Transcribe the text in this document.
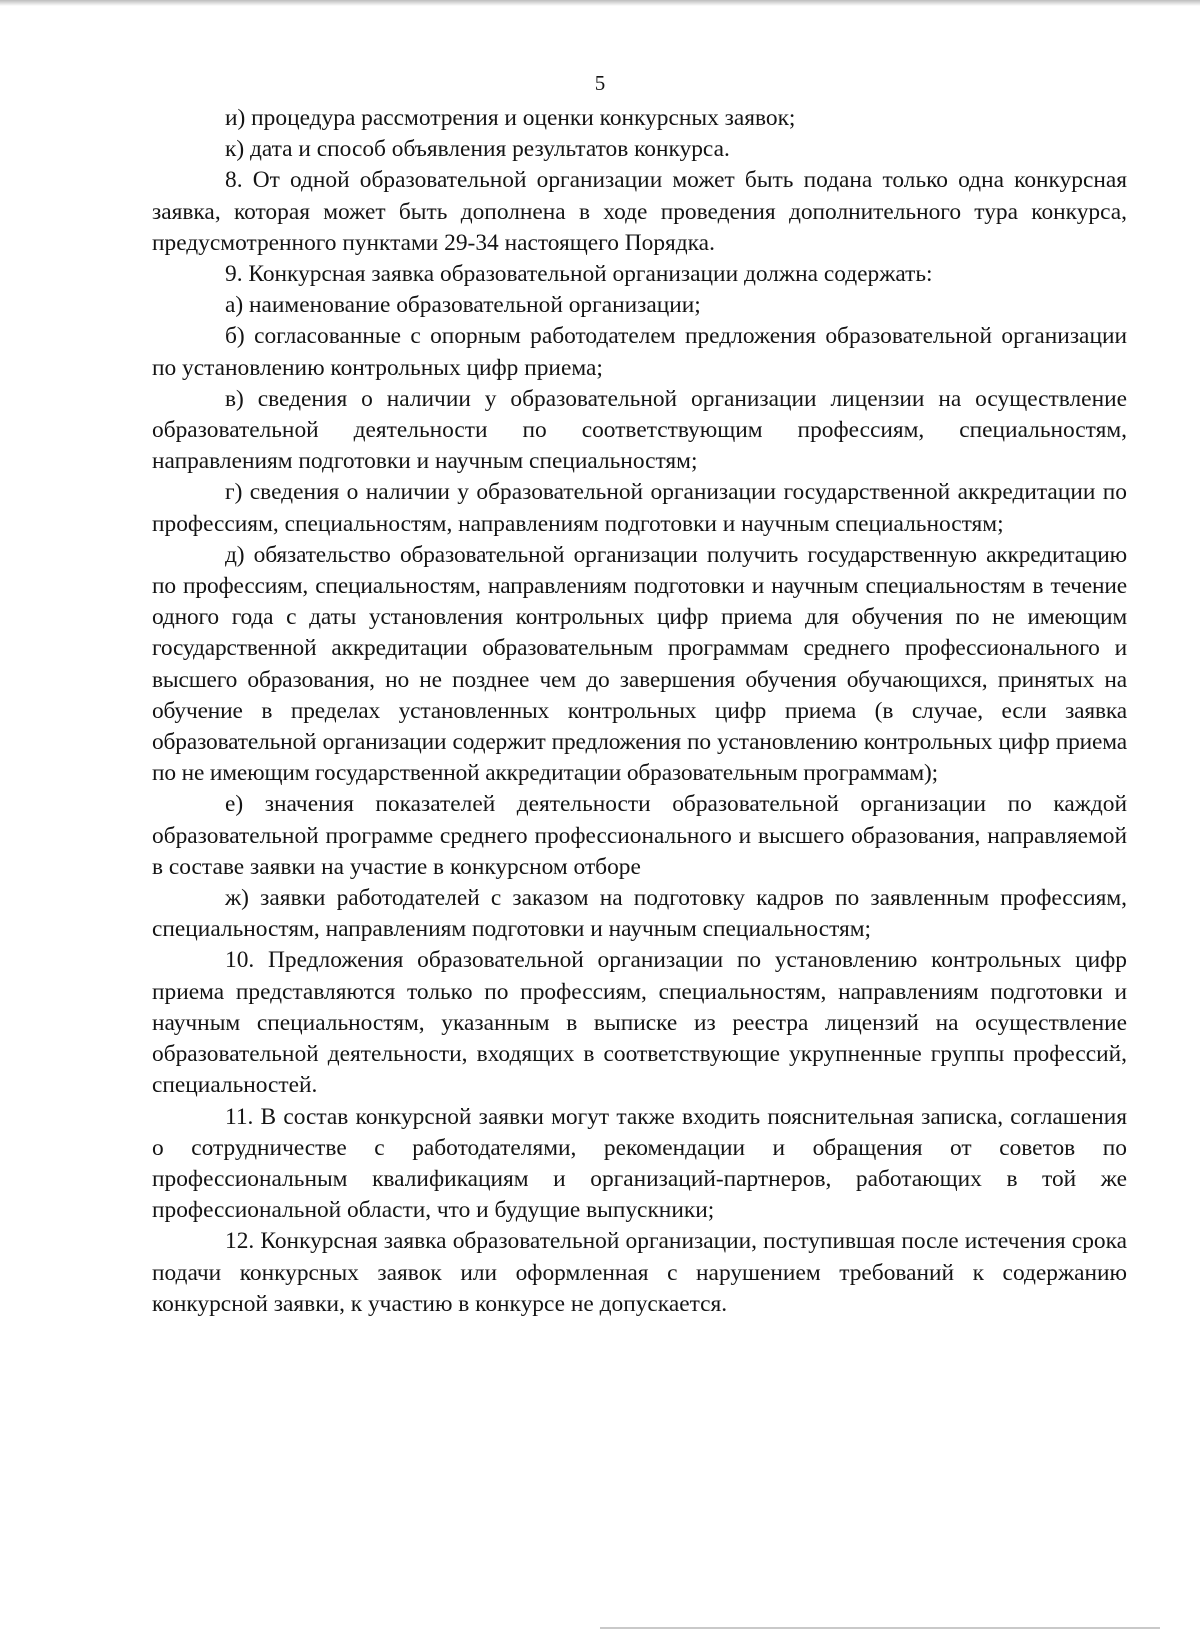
5

и) процедура рассмотрения и оценки конкурсных заявок;

к) дата и способ объявления результатов конкурса.

8. От одной образовательной организации может быть подана только одна конкурсная заявка, которая может быть дополнена в ходе проведения дополнительного тура конкурса, предусмотренного пунктами 29-34 настоящего Порядка.

9. Конкурсная заявка образовательной организации должна содержать:

а) наименование образовательной организации;

б) согласованные с опорным работодателем предложения образовательной организации по установлению контрольных цифр приема;

в) сведения о наличии у образовательной организации лицензии на осуществление образовательной деятельности по соответствующим профессиям, специальностям, направлениям подготовки и научным специальностям;

г) сведения о наличии у образовательной организации государственной аккредитации по профессиям, специальностям, направлениям подготовки и научным специальностям;

д) обязательство образовательной организации получить государственную аккредитацию по профессиям, специальностям, направлениям подготовки и научным специальностям в течение одного года с даты установления контрольных цифр приема для обучения по не имеющим государственной аккредитации образовательным программам среднего профессионального и высшего образования, но не позднее чем до завершения обучения обучающихся, принятых на обучение в пределах установленных контрольных цифр приема (в случае, если заявка образовательной организации содержит предложения по установлению контрольных цифр приема по не имеющим государственной аккредитации образовательным программам);

е) значения показателей деятельности образовательной организации по каждой образовательной программе среднего профессионального и высшего образования, направляемой в составе заявки на участие в конкурсном отборе

ж) заявки работодателей с заказом на подготовку кадров по заявленным профессиям, специальностям, направлениям подготовки и научным специальностям;

10. Предложения образовательной организации по установлению контрольных цифр приема представляются только по профессиям, специальностям, направлениям подготовки и научным специальностям, указанным в выписке из реестра лицензий на осуществление образовательной деятельности, входящих в соответствующие укрупненные группы профессий, специальностей.

11. В состав конкурсной заявки могут также входить пояснительная записка, соглашения о сотрудничестве с работодателями, рекомендации и обращения от советов по профессиональным квалификациям и организаций-партнеров, работающих в той же профессиональной области, что и будущие выпускники;

12. Конкурсная заявка образовательной организации, поступившая после истечения срока подачи конкурсных заявок или оформленная с нарушением требований к содержанию конкурсной заявки, к участию в конкурсе не допускается.
